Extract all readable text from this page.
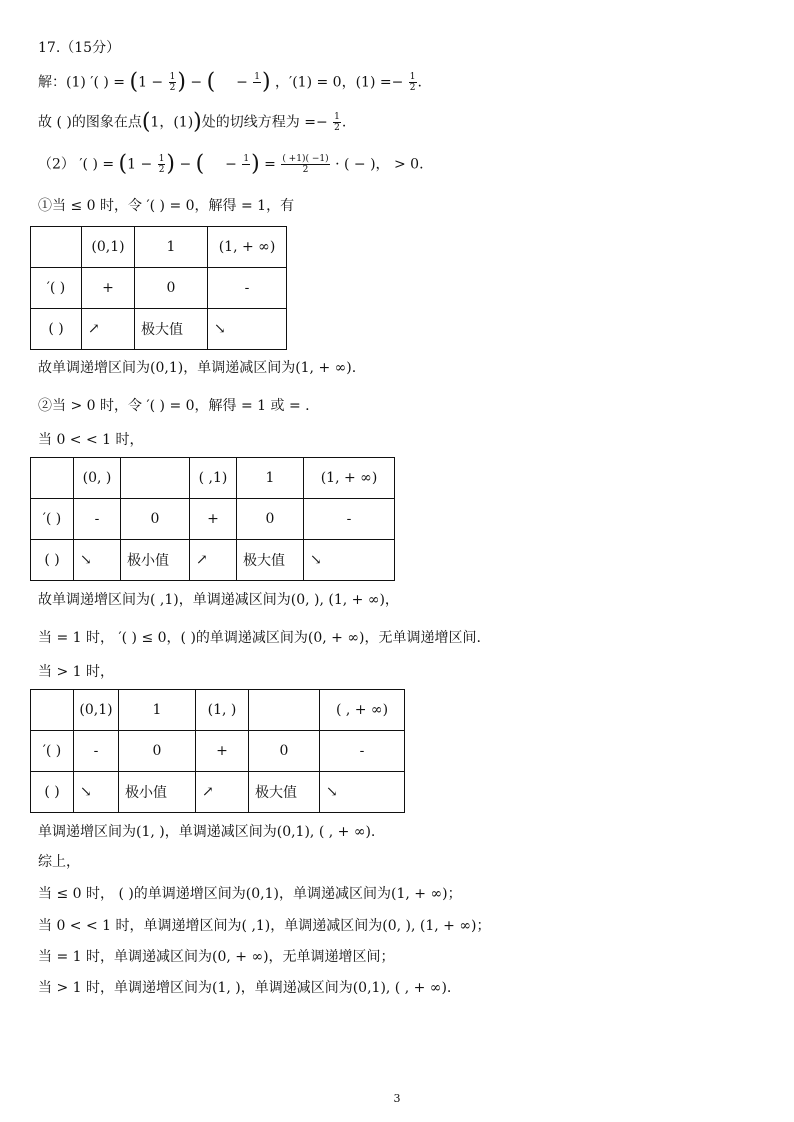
17.（15分）
解：(1) ′( ) = ($1 - \frac{1}{2}$ ) − ( − 1
) ，′(1) = 0，$(1) =- \frac{1}{2}$ .
故 ( )的图象在点(1，(1))处的切线方程为 =− $\frac{1}{2}$ .
（2） ′( ) = ($1 - \frac{1}{2}$ ) − ( − 1
) = $\frac{( +1)( -1)}{2}$ · ( − )， > 0.
①当 ≤ 0 时，令 ′( ) = 0，解得 = 1，有
	(0,1)	1	(1, + ∞)
′( )	+	0	-
( )	↗	极大值	↘
故单调递增区间为(0,1)，单调递减区间为(1, + ∞).
②当 > 0 时，令 ′( ) = 0，解得 = 1 或 = .
当 0 < < 1 时，
	(0, )		( ,1)	1	(1, + ∞)
′( )	-	0	+	0	-
( )	↘	极小值	↗	极大值	↘
故单调递增区间为( ,1)，单调递减区间为(0, ), (1, + ∞)，
当 = 1 时， ′( ) ≤ 0，( )的单调递减区间为(0, + ∞)，无单调递增区间.
当 > 1 时，
	(0,1)	1	(1, )		( , + ∞)
′( )	-	0	+	0	-
( )	↘	极小值	↗	极大值	↘
单调递增区间为(1, )，单调递减区间为(0,1), ( , + ∞).
综上，
当 ≤ 0 时， ( )的单调递增区间为(0,1)，单调递减区间为(1, + ∞)；
当 0 < < 1 时，单调递增区间为( ,1)，单调递减区间为(0, ), (1, + ∞)；
当 = 1 时，单调递减区间为(0, + ∞)，无单调递增区间；
当 > 1 时，单调递增区间为(1, )，单调递减区间为(0,1), ( , + ∞).
3
